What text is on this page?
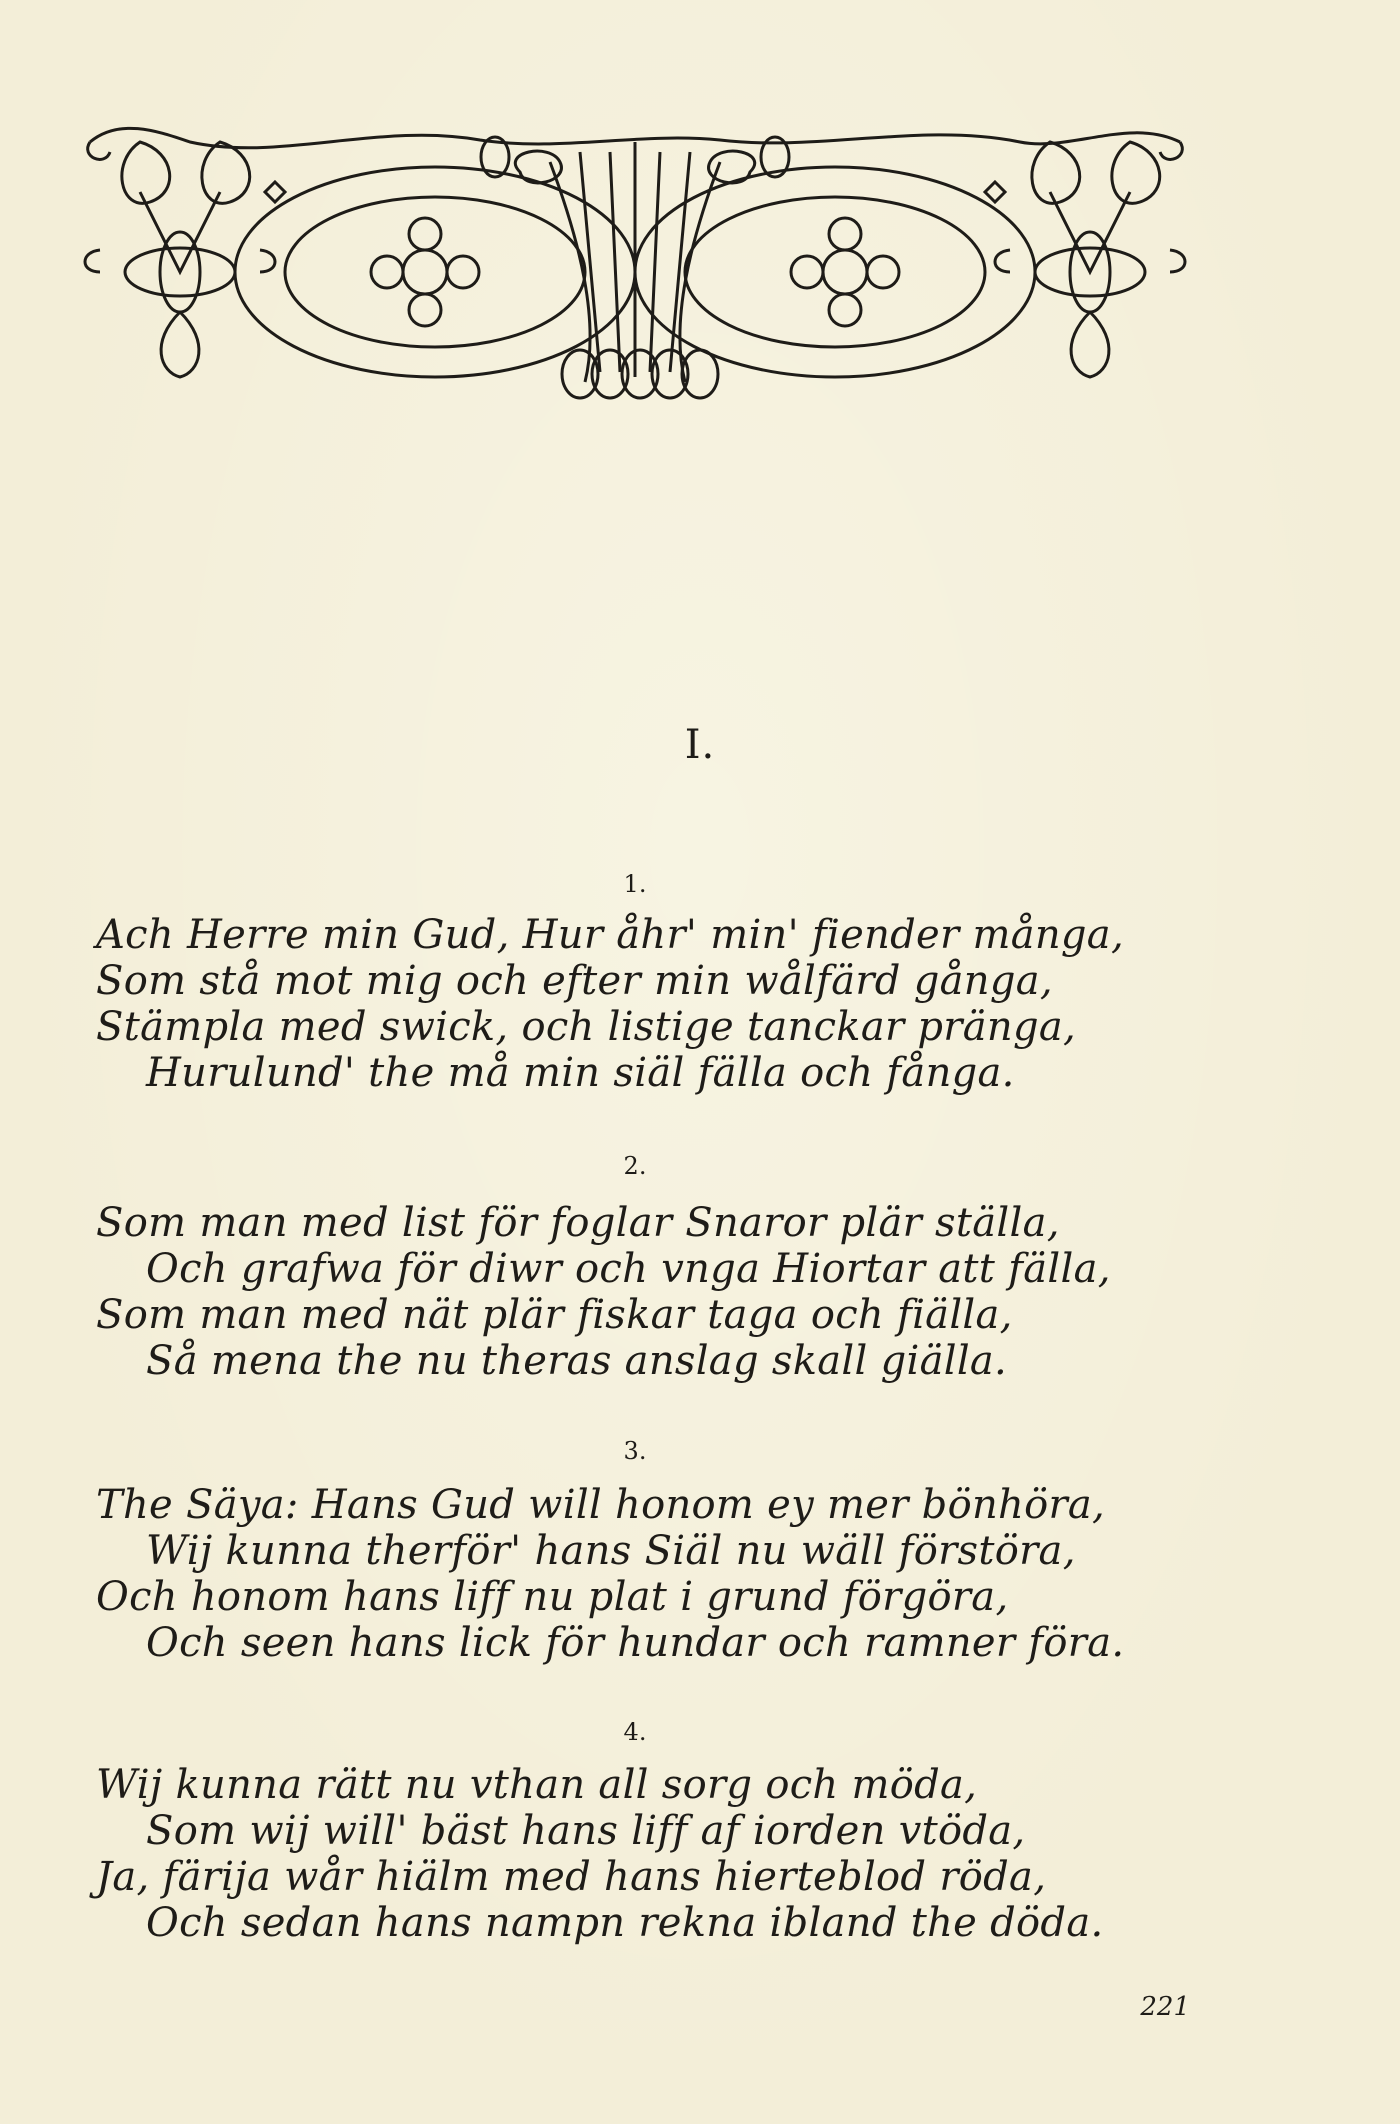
I.
1.
Ach Herre min Gud, Hur åhr' min' fiender många,
Som stå mot mig och efter min wålfärd gånga,
Stämpla med swick, och listige tanckar pränga,
Hurulund' the må min siäl fälla och fånga.
2.
Som man med list för foglar Snaror plär ställa,
Och grafwa för diwr och vnga Hiortar att fälla,
Som man med nät plär fiskar taga och fiälla,
Så mena the nu theras anslag skall giälla.
3.
The Säya: Hans Gud will honom ey mer bönhöra,
Wij kunna therför' hans Siäl nu wäll förstöra,
Och honom hans liff nu plat i grund förgöra,
Och seen hans lick för hundar och ramner föra.
4.
Wij kunna rätt nu vthan all sorg och möda,
Som wij will' bäst hans liff af iorden vtöda,
Ja, färija wår hiälm med hans hierteblod röda,
Och sedan hans nampn rekna ibland the döda.
221
